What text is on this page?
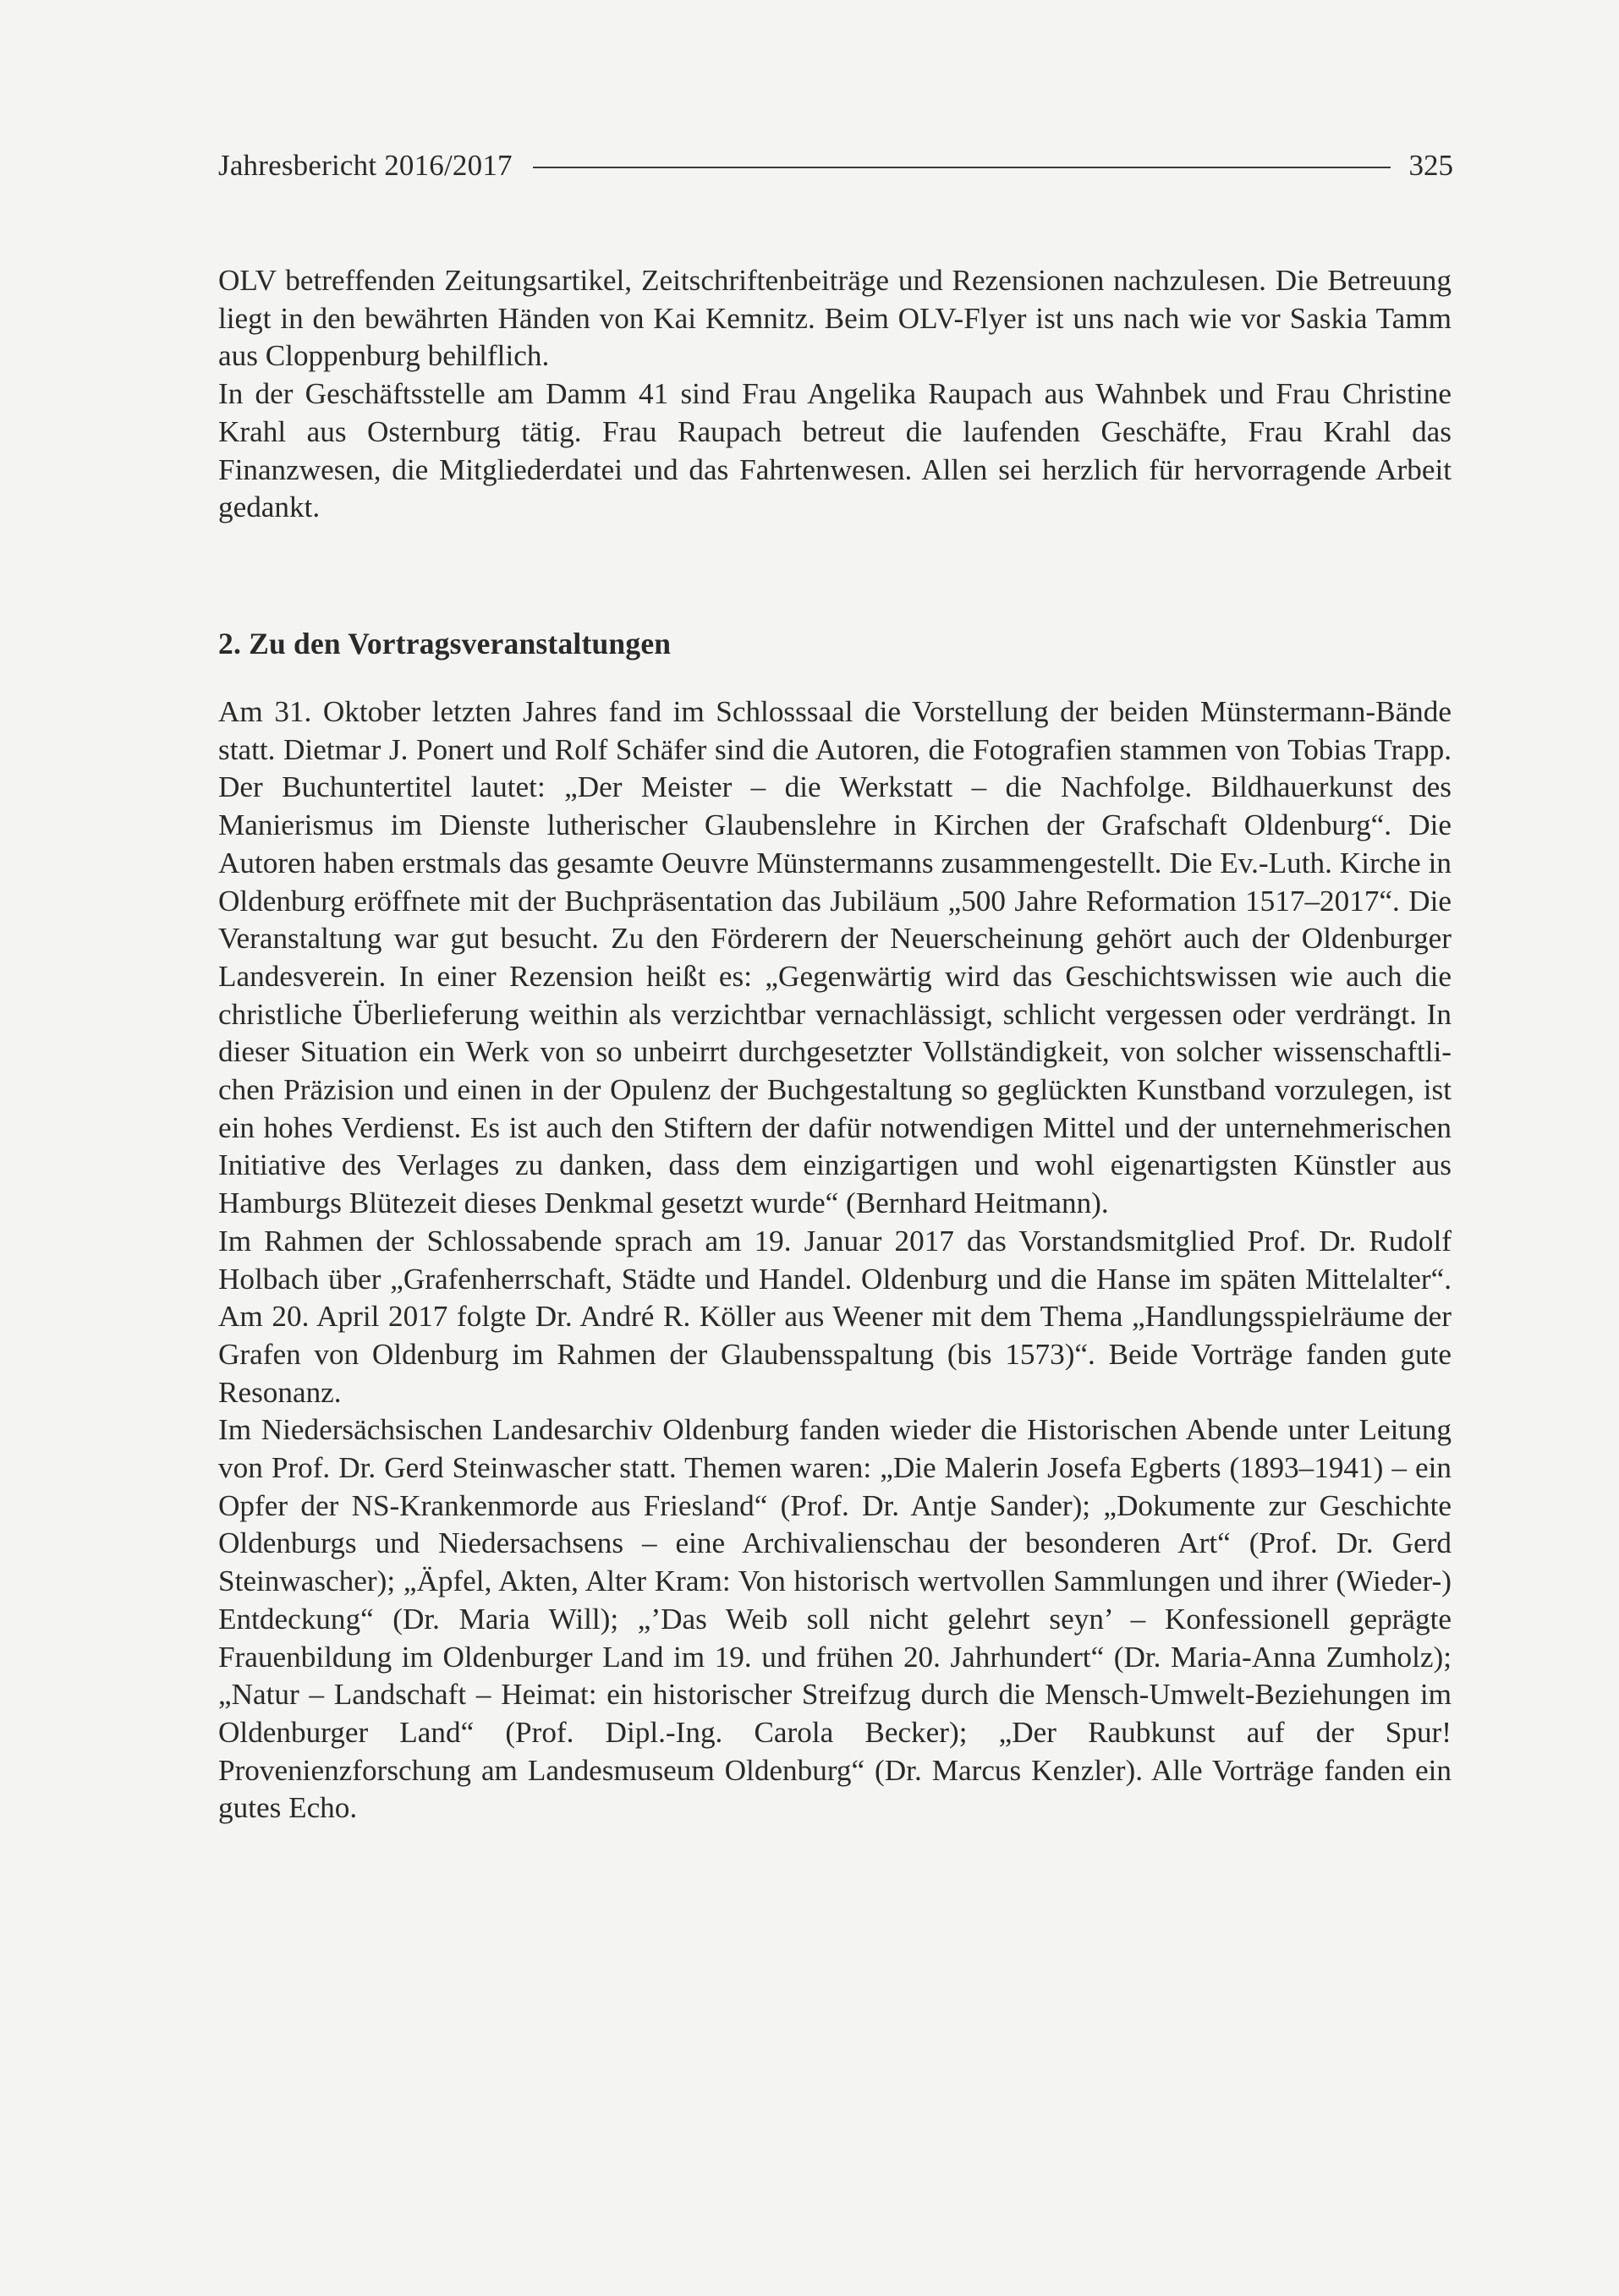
Jahresbericht 2016/2017	325

OLV betreffenden Zeitungsartikel, Zeitschriftenbeiträge und Rezensionen nachzulesen. Die Betreuung liegt in den bewährten Händen von Kai Kemnitz. Beim OLV-Flyer ist uns nach wie vor Saskia Tamm aus Cloppenburg behilflich.

In der Geschäftsstelle am Damm 41 sind Frau Angelika Raupach aus Wahnbek und Frau Christine Krahl aus Osternburg tätig. Frau Raupach betreut die laufenden Geschäfte, Frau Krahl das Finanzwesen, die Mitgliederdatei und das Fahrtenwesen. Allen sei herzlich für hervorragende Arbeit gedankt.

2. Zu den Vortragsveranstaltungen

Am 31. Oktober letzten Jahres fand im Schlosssaal die Vorstellung der beiden Münstermann-Bände statt. Dietmar J. Ponert und Rolf Schäfer sind die Autoren, die Fotografien stammen von Tobias Trapp. Der Buchuntertitel lautet: „Der Meister – die Werkstatt – die Nachfolge. Bildhauerkunst des Manierismus im Dienste lutherischer Glaubenslehre in Kirchen der Grafschaft Oldenburg“. Die Autoren haben erstmals das gesamte Oeuvre Münstermanns zusammengestellt. Die Ev.-Luth. Kirche in Oldenburg eröffnete mit der Buchpräsentation das Jubiläum „500 Jahre Reformation 1517–2017“. Die Veranstaltung war gut besucht. Zu den Förderern der Neuerscheinung gehört auch der Oldenburger Landesverein. In einer Rezension heißt es: „Gegenwärtig wird das Geschichtswissen wie auch die christliche Überlieferung weithin als verzichtbar vernachlässigt, schlicht vergessen oder verdrängt. In dieser Situation ein Werk von so unbeirrt durchgesetzter Vollständigkeit, von solcher wissenschaftlichen Präzision und einen in der Opulenz der Buchgestaltung so geglückten Kunstband vorzulegen, ist ein hohes Verdienst. Es ist auch den Stiftern der dafür notwendigen Mittel und der unternehmerischen Initiative des Verlages zu danken, dass dem einzigartigen und wohl eigenartigsten Künstler aus Hamburgs Blütezeit dieses Denkmal gesetzt wurde“ (Bernhard Heitmann).

Im Rahmen der Schlossabende sprach am 19. Januar 2017 das Vorstandsmitglied Prof. Dr. Rudolf Holbach über „Grafenherrschaft, Städte und Handel. Oldenburg und die Hanse im späten Mittelalter“. Am 20. April 2017 folgte Dr. André R. Köller aus Weener mit dem Thema „Handlungsspielräume der Grafen von Oldenburg im Rahmen der Glaubensspaltung (bis 1573)“. Beide Vorträge fanden gute Resonanz.

Im Niedersächsischen Landesarchiv Oldenburg fanden wieder die Historischen Abende unter Leitung von Prof. Dr. Gerd Steinwascher statt. Themen waren: „Die Malerin Josefa Egberts (1893–1941) – ein Opfer der NS-Krankenmorde aus Friesland“ (Prof. Dr. Antje Sander); „Dokumente zur Geschichte Oldenburgs und Niedersachsens – eine Archivalienschau der besonderen Art“ (Prof. Dr. Gerd Steinwascher); „Äpfel, Akten, Alter Kram: Von historisch wertvollen Sammlungen und ihrer (Wieder-) Entdeckung“ (Dr. Maria Will); „’Das Weib soll nicht gelehrt seyn’ – Konfessionell geprägte Frauenbildung im Oldenburger Land im 19. und frühen 20. Jahrhundert“ (Dr. Maria-Anna Zumholz); „Natur – Landschaft – Heimat: ein historischer Streifzug durch die Mensch-Umwelt-Beziehungen im Oldenburger Land“ (Prof. Dipl.-Ing. Carola Becker); „Der Raubkunst auf der Spur! Provenienzforschung am Landesmuseum Oldenburg“ (Dr. Marcus Kenzler). Alle Vorträge fanden ein gutes Echo.
